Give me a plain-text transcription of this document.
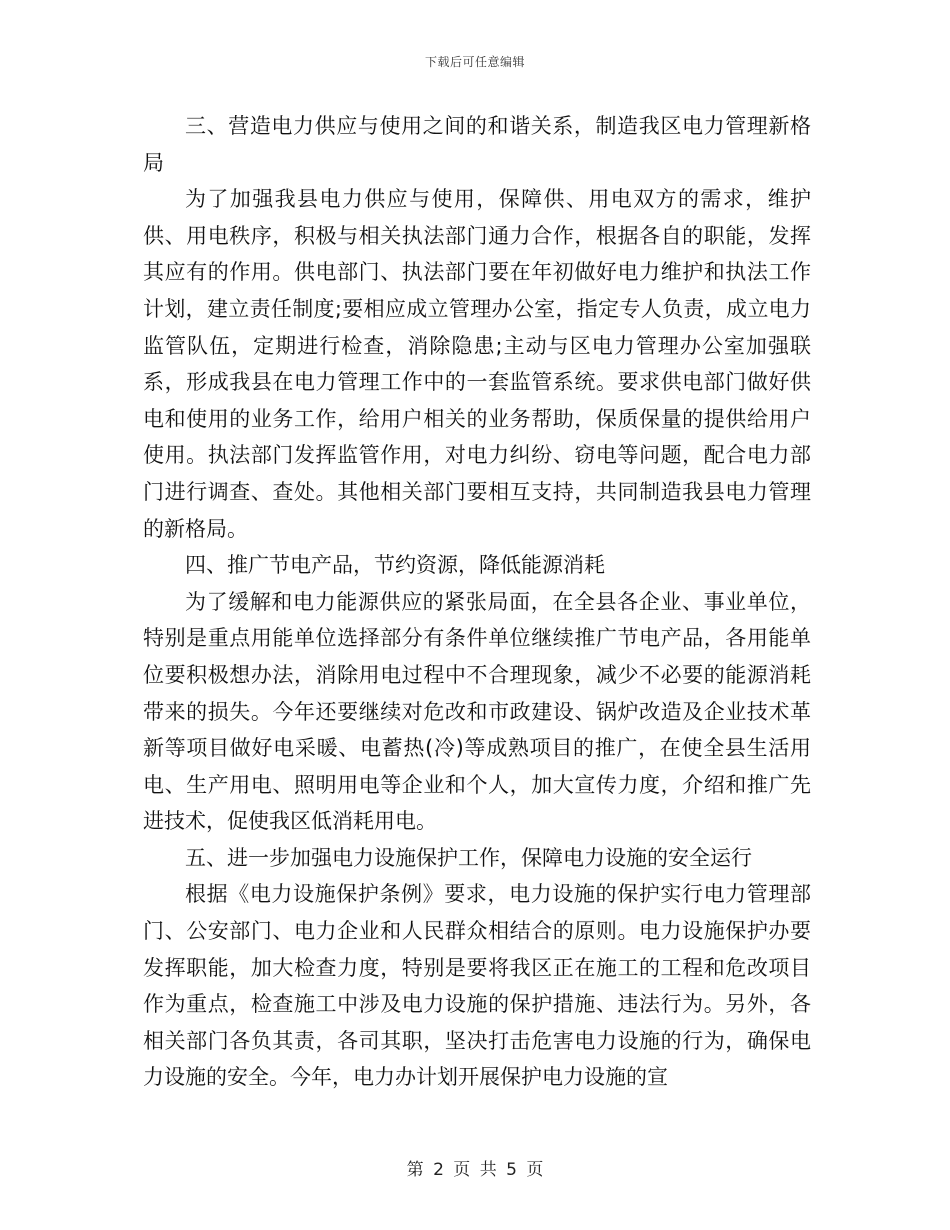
下载后可任意编辑

三、营造电力供应与使用之间的和谐关系，制造我区电力管理新格局

为了加强我县电力供应与使用，保障供、用电双方的需求，维护供、用电秩序，积极与相关执法部门通力合作，根据各自的职能，发挥其应有的作用。供电部门、执法部门要在年初做好电力维护和执法工作计划，建立责任制度;要相应成立管理办公室，指定专人负责，成立电力监管队伍，定期进行检查，消除隐患;主动与区电力管理办公室加强联系，形成我县在电力管理工作中的一套监管系统。要求供电部门做好供电和使用的业务工作，给用户相关的业务帮助，保质保量的提供给用户使用。执法部门发挥监管作用，对电力纠纷、窃电等问题，配合电力部门进行调查、查处。其他相关部门要相互支持，共同制造我县电力管理的新格局。

四、推广节电产品，节约资源，降低能源消耗

为了缓解和电力能源供应的紧张局面，在全县各企业、事业单位，特别是重点用能单位选择部分有条件单位继续推广节电产品，各用能单位要积极想办法，消除用电过程中不合理现象，减少不必要的能源消耗带来的损失。今年还要继续对危改和市政建设、锅炉改造及企业技术革新等项目做好电采暖、电蓄热(冷)等成熟项目的推广，在使全县生活用电、生产用电、照明用电等企业和个人，加大宣传力度，介绍和推广先进技术，促使我区低消耗用电。

五、进一步加强电力设施保护工作，保障电力设施的安全运行

根据《电力设施保护条例》要求，电力设施的保护实行电力管理部门、公安部门、电力企业和人民群众相结合的原则。电力设施保护办要发挥职能，加大检查力度，特别是要将我区正在施工的工程和危改项目作为重点，检查施工中涉及电力设施的保护措施、违法行为。另外，各相关部门各负其责，各司其职，坚决打击危害电力设施的行为，确保电力设施的安全。今年，电力办计划开展保护电力设施的宣

第 2 页 共 5 页
